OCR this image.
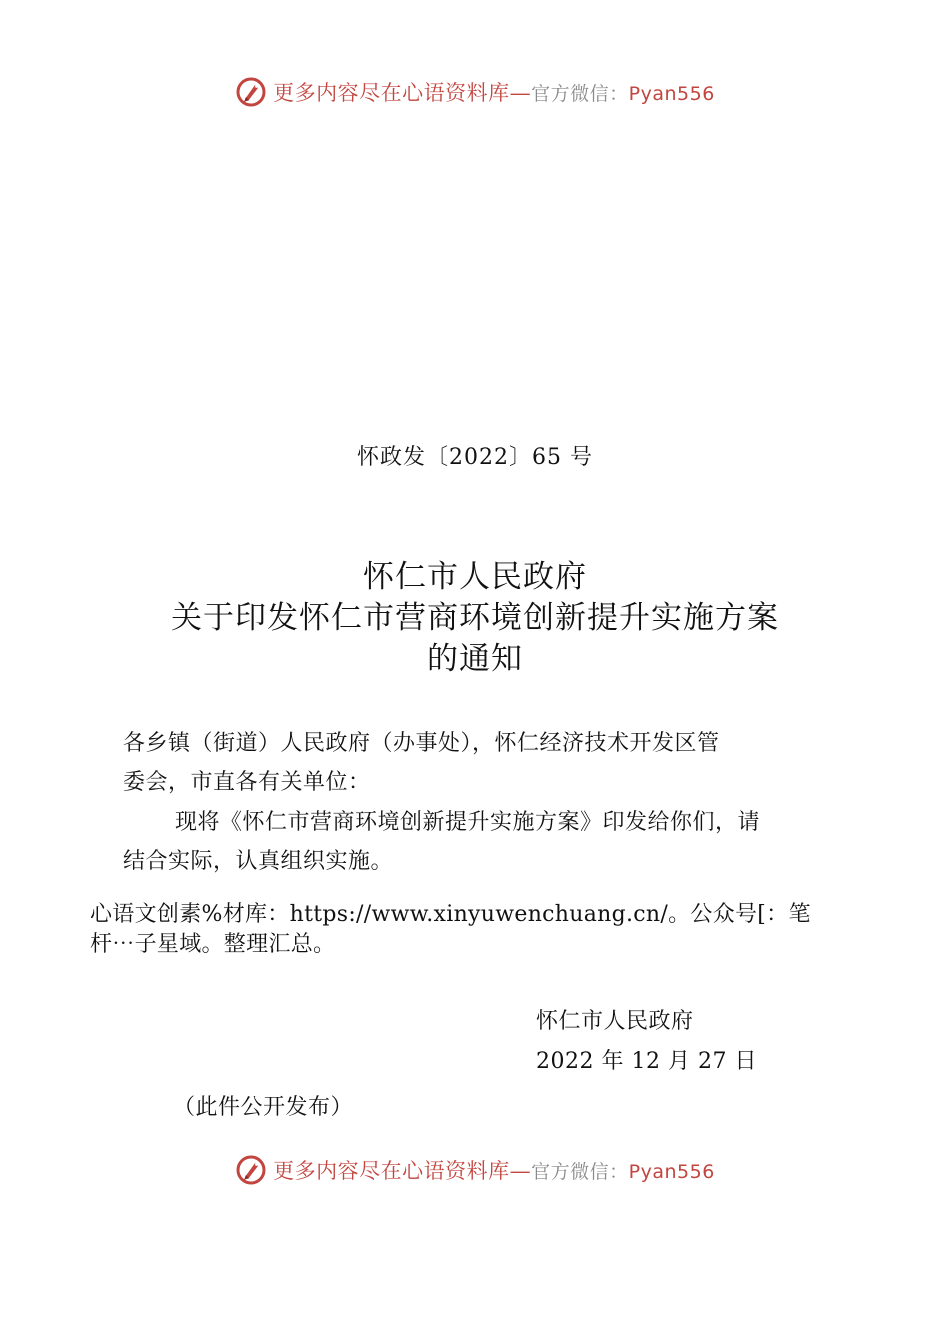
更多内容尽在心语资料库—官方微信：Pyan556
怀政发〔2022〕65 号
怀仁市人民政府
关于印发怀仁市营商环境创新提升实施方案
的通知
各乡镇（街道）人民政府（办事处），怀仁经济技术开发区管
委会，市直各有关单位：
现将《怀仁市营商环境创新提升实施方案》印发给你们，请
结合实际，认真组织实施。
心语文创素%材库：https://www.xinyuwenchuang.cn/。公众号[：笔
杆⋯子星域。整理汇总。
怀仁市人民政府
2022 年 12 月 27 日
（此件公开发布）
更多内容尽在心语资料库—官方微信：Pyan556
